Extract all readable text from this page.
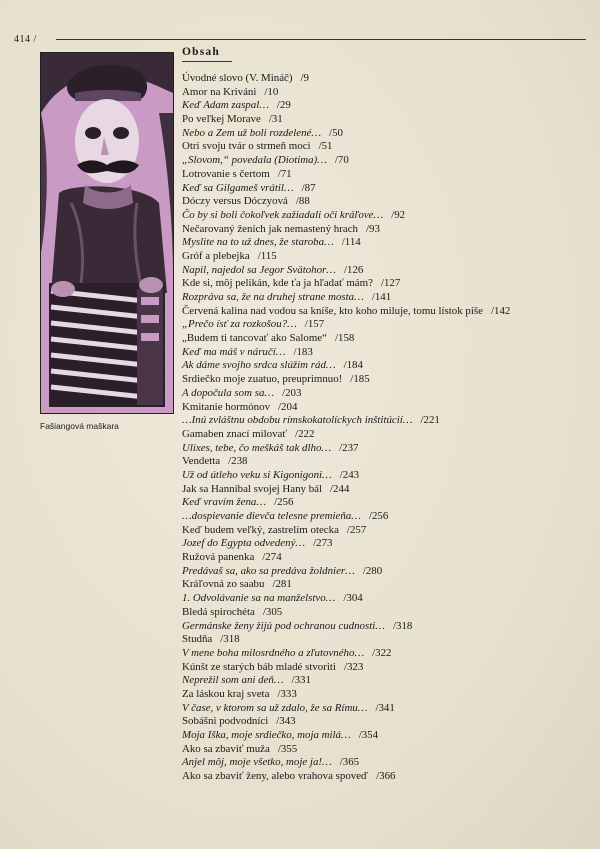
414 /
Obsah
Fašiangová maškara
Úvodné slovo (V. Mináč) /9
Amor na Kriváni /10
Keď Adam zaspal… /29
Po veľkej Morave /31
Nebo a Zem už boli rozdelené… /50
Otri svoju tvár o strmeň moci /51
„Slovom,“ povedala (Diotima)… /70
Lotrovanie s čertom /71
Keď sa Gilgameš vrátil… /87
Dóczy versus Dóczyová /88
Čo by si boli čokoľvek zažiadali oči kráľove… /92
Nečarovaný ženích jak nemastený hrach /93
Myslite na to už dnes, že staroba… /114
Gróf a plebejka /115
Napil, najedol sa Jegor Svätohor… /126
Kde si, môj pelikán, kde ťa ja hľadať mám? /127
Rozpráva sa, že na druhej strane mosta… /141
Červená kalina nad vodou sa kníše, kto koho miluje, tomu lístok píše /142
„Prečo ísť za rozkošou?… /157
„Budem ti tancovať ako Salome“ /158
Keď ma máš v náručí… /183
Ak dáme svojho srdca slúžim rád… /184
Srdiečko moje zuatuo, preuprimnuo! /185
A dopočula som sa… /203
Kmitanie hormónov /204
…Inú zvláštnu obdobu rímskokatolíckych inštitúcií… /221
Gamaben znací milovať /222
Ulixes, tebe, čo meškáš tak dlho… /237
Vendetta /238
Už od útleho veku si Kigonigoni… /243
Jak sa Hannibal svojej Hany bál /244
Keď vravím žena… /256
…dospievanie dievča telesne premieňa… /256
Keď budem veľký, zastrelím otecka /257
Jozef do Egypta odvedený… /273
Ružová panenka /274
Predávaš sa, ako sa predáva žoldnier… /280
Kráľovná zo saabu /281
1. Odvolávanie sa na manželstvo… /304
Bledá spirochéta /305
Germánske ženy žijú pod ochranou cudnosti… /318
Studňa /318
V mene boha milosrdného a zľutovného… /322
Kúnšt ze starých báb mladé stvoriti /323
Neprežil som ani deň… /331
Za láskou kraj sveta /333
V čase, v ktorom sa už zdalo, že sa Rímu… /341
Sobášni podvodníci /343
Moja Iška, moje srdiečko, moja milá… /354
Ako sa zbaviť muža /355
Anjel môj, moje všetko, moje ja!… /365
Ako sa zbaviť ženy, alebo vrahova spoveď /366
